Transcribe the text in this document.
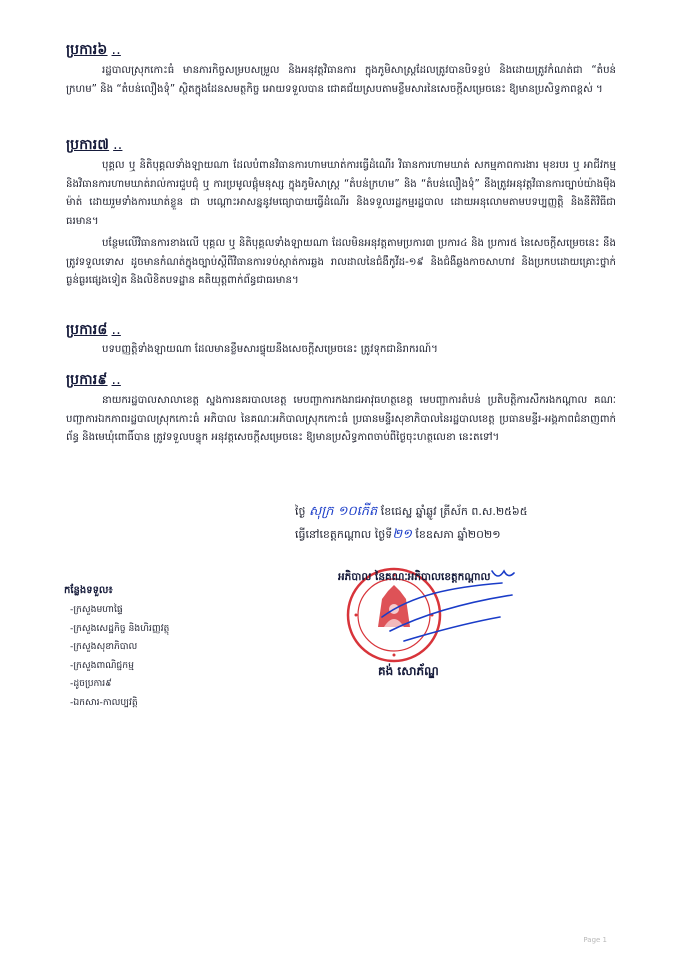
ប្រការ៦ ..

រដ្ឋបាលស្រុកកោះធំ មានភារកិច្ចសម្របសម្រួល និងអនុវត្តវិធានការ ក្នុងភូមិសាស្ត្រដែលត្រូវបានបិទខ្ទប់ និងដោយត្រូវកំណត់ជា “តំបន់ក្រហម” និង “តំបន់លឿងទុំ” ស្ថិតក្នុងដែនសមត្ថកិច្ច អោយទទួលបាន ជោគជ័យស្របតាមខ្លឹមសារនៃសេចក្តីសម្រេចនេះ ឱ្យមានប្រសិទ្ធភាពខ្ពស់ ។

ប្រការ៧ ..

បុគ្គល ឬ និតិបុគ្គលទាំងឡាយណា ដែលបំពានវិធានការហាមឃាត់ការធ្វើដំណើរ វិធានការហាមឃាត់ សកម្មភាពការងារ មុខរបរ ឬ អាជីវកម្ម និងវិធានការហាមឃាត់រាល់ការជួបជុំ ឬ ការប្រមូលផ្តុំមនុស្ស ក្នុងភូមិសាស្ត្រ “តំបន់ក្រហម” និង “តំបន់លឿងទុំ” នឹងត្រូវអនុវត្តវិធានការច្បាប់យ៉ាងម៉ឺងម៉ាត់ ដោយរួមទាំងការឃាត់ខ្លួន ជា បណ្តោះអាសន្ននូវមធ្យោបាយធ្វើដំណើរ និងទទួលរដ្ឋកម្មរដ្ឋបាល ដោយអនុលោមតាមបទប្បញ្ញត្តិ និងនីតិវិធីជាធរមាន។

បន្ថែមលើវិធានការខាងលើ បុគ្គល ឬ និតិបុគ្គលទាំងឡាយណា ដែលមិនអនុវត្តតាមប្រការ៣ ប្រការ៤ និង ប្រការ៥ នៃសេចក្តីសម្រេចនេះ នឹងត្រូវទទួលទោស ដូចមានកំណត់ក្នុងច្បាប់ស្តីពីវិធានការទប់ស្កាត់ការឆ្លង រាលដាលនៃជំងឺកូវីដ-១៩ និងជំងឺឆ្លងកាចសាហាវ និងប្រកបដោយគ្រោះថ្នាក់ធ្ងន់ធ្ងរផ្សេងទៀត និងលិខិតបទដ្ឋាន គតិយុត្តពាក់ព័ន្ធជាធរមាន។

ប្រការ៨ ..

បទបញ្ញត្តិទាំងឡាយណា ដែលមានខ្លឹមសារផ្ទុយនឹងសេចក្តីសម្រេចនេះ ត្រូវទុកជានិរាករណ៍។

ប្រការ៩ ..

នាយករដ្ឋបាលសាលាខេត្ត ស្នងការនគរបាលខេត្ត មេបញ្ជាការកងរាជអាវុធហត្ថខេត្ត មេបញ្ជាការតំបន់ ប្រតិបត្តិការសឹករងកណ្តាល គណៈបញ្ជាការឯកភាពរដ្ឋបាលស្រុកកោះធំ អភិបាល នៃគណៈអភិបាលស្រុកកោះធំ ប្រធានមន្ទីរសុខាភិបាលនៃរដ្ឋបាលខេត្ត ប្រធានមន្ទីរ-អង្គភាពជំនាញពាក់ព័ន្ធ និងមេឃុំពោធិ៍បាន ត្រូវទទួលបន្ទុក អនុវត្តសេចក្តីសម្រេចនេះ ឱ្យមានប្រសិទ្ធភាពចាប់ពីថ្ងៃចុះហត្ថលេខា នេះតទៅ។

ថ្ងៃ សុក្រ ១០កើត ខែជេស្ឋ ឆ្នាំឆ្លូវ ត្រីស័ក ព.ស.២៥៦៥
ធ្វើនៅខេត្តកណ្តាល ថ្ងៃទី២១ ខែឧសភា ឆ្នាំ២០២១
អភិបាល នៃគណៈអភិបាលខេត្តកណ្តាល
គង់ សោភ័ណ្ឌ
កន្លែងទទួល៖
-ក្រសួងមហាផ្ទៃ
-ក្រសួងសេដ្ឋកិច្ច និងហិរញ្ញវត្ថុ
-ក្រសួងសុខាភិបាល
-ក្រសួងពាណិជ្ជកម្ម
-ដូចប្រការ៩
-ឯកសារ-កាលប្បវត្តិ
Page 1
